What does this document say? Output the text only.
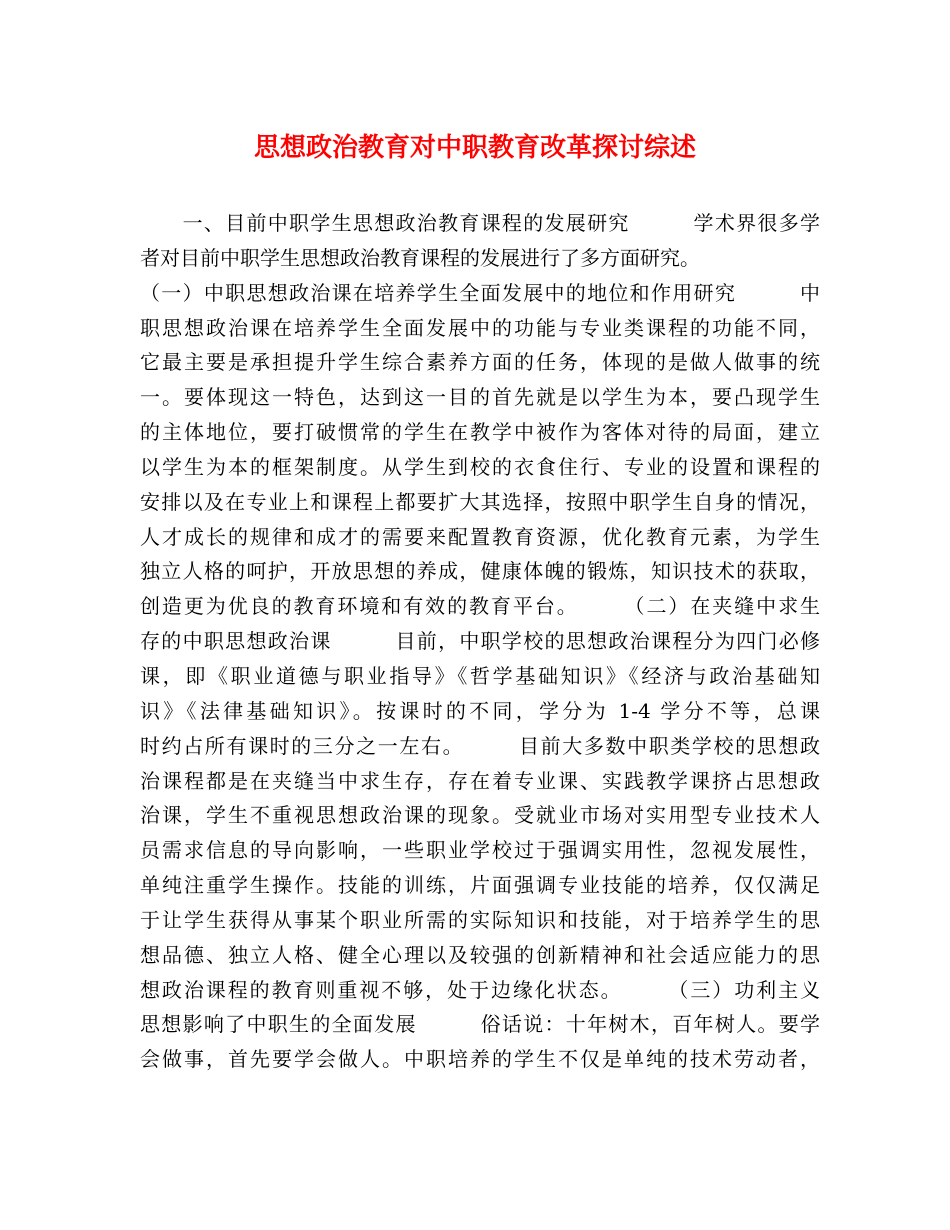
思想政治教育对中职教育改革探讨综述
　　一、目前中职学生思想政治教育课程的发展研究　　　学术界很多学
者对目前中职学生思想政治教育课程的发展进行了多方面研究。
（一）中职思想政治课在培养学生全面发展中的地位和作用研究　　　中
职思想政治课在培养学生全面发展中的功能与专业类课程的功能不同，
它最主要是承担提升学生综合素养方面的任务，体现的是做人做事的统
一。要体现这一特色，达到这一目的首先就是以学生为本，要凸现学生
的主体地位，要打破惯常的学生在教学中被作为客体对待的局面，建立
以学生为本的框架制度。从学生到校的衣食住行、专业的设置和课程的
安排以及在专业上和课程上都要扩大其选择，按照中职学生自身的情况，
人才成长的规律和成才的需要来配置教育资源，优化教育元素，为学生
独立人格的呵护，开放思想的养成，健康体魄的锻炼，知识技术的获取，
创造更为优良的教育环境和有效的教育平台。　　　（二）在夹缝中求生
存的中职思想政治课　　　目前，中职学校的思想政治课程分为四门必修
课，即《职业道德与职业指导》《哲学基础知识》《经济与政治基础知
识》《法律基础知识》。按课时的不同，学分为 1-4 学分不等，总课
时约占所有课时的三分之一左右。　　　目前大多数中职类学校的思想政
治课程都是在夹缝当中求生存，存在着专业课、实践教学课挤占思想政
治课，学生不重视思想政治课的现象。受就业市场对实用型专业技术人
员需求信息的导向影响，一些职业学校过于强调实用性，忽视发展性，
单纯注重学生操作。技能的训练，片面强调专业技能的培养，仅仅满足
于让学生获得从事某个职业所需的实际知识和技能，对于培养学生的思
想品德、独立人格、健全心理以及较强的创新精神和社会适应能力的思
想政治课程的教育则重视不够，处于边缘化状态。　　　（三）功利主义
思想影响了中职生的全面发展　　　俗话说：十年树木，百年树人。要学
会做事，首先要学会做人。中职培养的学生不仅是单纯的技术劳动者，
